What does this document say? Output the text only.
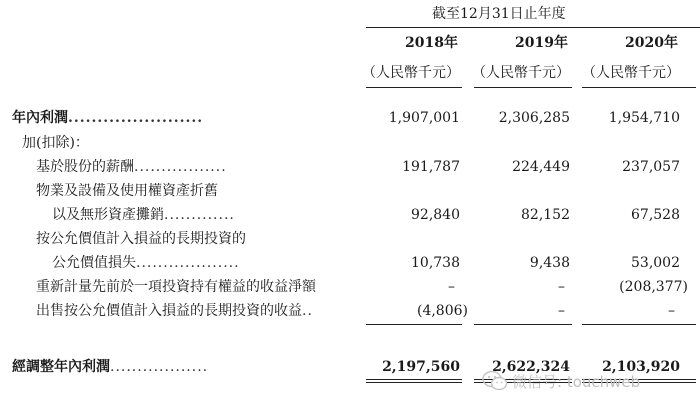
截至12月31日止年度
2018年	2019年	2020年
（人民幣千元） （人民幣千元） （人民幣千元）
年內利潤.......................	1,907,001	2,306,285	1,954,710
加(扣除)：
基於股份的薪酬.................	191,787	224,449	237,057
物業及設備及使用權資產折舊
以及無形資產攤銷.............	92,840	82,152	67,528
按公允價值計入損益的長期投資的
公允價值損失...................	10,738	9,438	53,002
重新計量先前於一項投資持有權益的收益淨額	–	–	(208,377)
出售按公允價值計入損益的長期投資的收益..	(4,806)	–	–
經調整年內利潤..................	2,197,560 2,622,324 2,103,920
微信号: touchweb
